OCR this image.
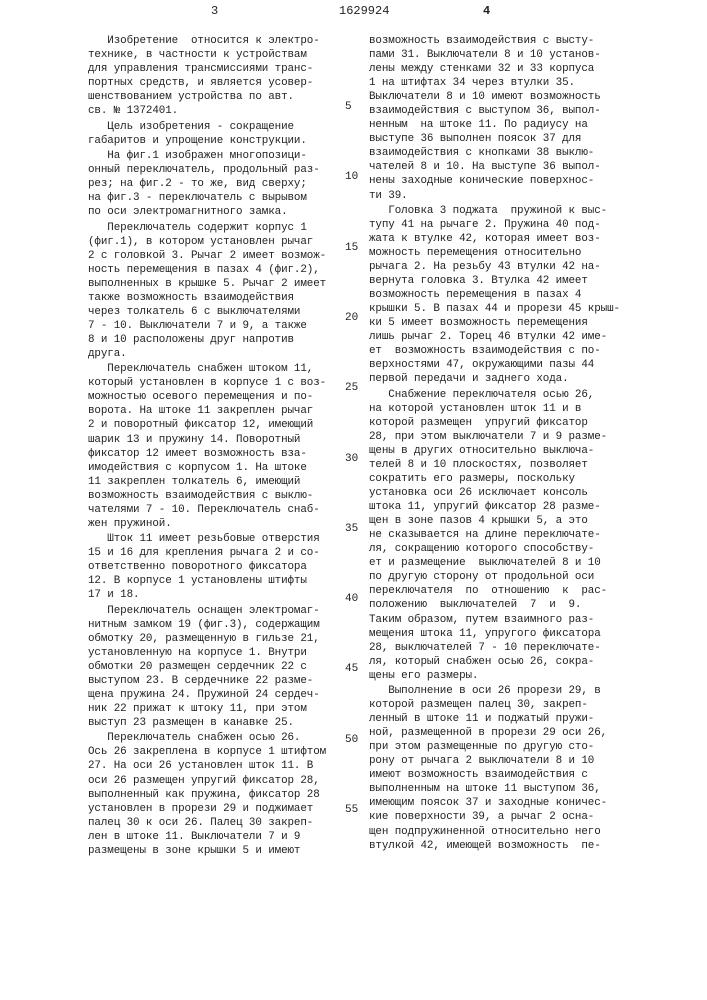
3	1629924	4
Изобретение  относится к электро-
техникe, в частности к устройствам
для управления трансмиссиями транс-
портных средств, и является усовер-
шенствованием устройства по авт.
св. № 1372401.
Цель изобретения - сокращение
габаритов и упрощение конструкции.
На фиг.1 изображен многопозици-
онный переключатель, продольный раз-
рез; на фиг.2 - то же, вид сверху;
на фиг.3 - переключатель с вырывом
по оси электромагнитного замка.
Переключатель содержит корпус 1
(фиг.1), в котором установлен рычаг
2 с головкой 3. Рычаг 2 имеет возмож-
ность перемещения в пазах 4 (фиг.2),
выполненных в крышке 5. Рычаг 2 имеет
также возможность взаимодействия
через толкатель 6 с выключателями
7 - 10. Выключатели 7 и 9, а также
8 и 10 расположены друг напротив
друга.
Переключатель снабжен штоком 11,
который установлен в корпусе 1 с воз-
можностью осевого перемещения и по-
ворота. На штоке 11 закреплен рычаг
2 и поворотный фиксатор 12, имеющий
шарик 13 и пружину 14. Поворотный
фиксатор 12 имеет возможность вза-
имодействия с корпусом 1. На штоке
11 закреплен толкатель 6, имеющий
возможность взаимодействия с выклю-
чателями 7 - 10. Переключатель снаб-
жен пружиной.
Шток 11 имеет резьбовые отверстия
15 и 16 для крепления рычага 2 и со-
ответственно поворотного фиксатора
12. В корпусе 1 установлены штифты
17 и 18.
Переключатель оснащен электромаг-
нитным замком 19 (фиг.3), содержащим
обмотку 20, размещенную в гильзе 21,
установленную на корпусе 1. Внутри
обмотки 20 размещен сердечник 22 с
выступом 23. В сердечнике 22 разме-
щена пружина 24. Пружиной 24 сердеч-
ник 22 прижат к штоку 11, при этом
выступ 23 размещен в канавке 25.
Переключатель снабжен осью 26.
Ось 26 закреплена в корпусе 1 штифтом
27. На оси 26 установлен шток 11. В
оси 26 размещен упругий фиксатор 28,
выполненный как пружина, фиксатор 28
установлен в прорези 29 и поджимает
палец 30 к оси 26. Палец 30 закреп-
лен в штоке 11. Выключатели 7 и 9
размещены в зоне крышки 5 и имеют
возможность взаимодействия с высту-
пами 31. Выключатели 8 и 10 установ-
лены между стенками 32 и 33 корпуса
1 на штифтах 34 через втулки 35.
Выключатели 8 и 10 имеют возможность
взаимодействия с выступом 36, выпол-
ненным  на штоке 11. По радиусу на
выступе 36 выполнен поясок 37 для
взаимодействия с кнопками 38 выклю-
чателей 8 и 10. На выступе 36 выпол-
нены заходные конические поверхнос-
ти 39.
Головка 3 поджата  пружиной к выс-
тупу 41 на рычаге 2. Пружина 40 под-
жата к втулке 42, которая имеет воз-
можность перемещения относительно
рычага 2. На резьбу 43 втулки 42 на-
вернута головка 3. Втулка 42 имеет
возможность перемещения в пазах 4
крышки 5. В пазах 44 и прорези 45 крыш-
ки 5 имеет возможность перемещения
лишь рычаг 2. Торец 46 втулки 42 име-
ет  возможность взаимодействия с по-
верхностями 47, окружающими пазы 44
первой передачи и заднего хода.
Снабжение переключателя осью 26,
на которой установлен шток 11 и в
которой размещен  упругий фиксатор
28, при этом выключатели 7 и 9 разме-
щены в других относительно выключа-
телей 8 и 10 плоскостях, позволяет
сократить его размеры, поскольку
установка оси 26 исключает консоль
штока 11, упругий фиксатор 28 разме-
щен в зоне пазов 4 крышки 5, а это
не сказывается на длине переключате-
ля, сокращению которого способству-
ет и размещение  выключателей 8 и 10
по другую сторону от продольной оси
переключателя  по  отношению  к  рас-
положению  выключателей  7  и  9.
Таким образом, путем взаимного раз-
мещения штока 11, упругого фиксатора
28, выключателей 7 - 10 переключате-
ля, который снабжен осью 26, сокра-
щены его размеры.
Выполнение в оси 26 прорези 29, в
которой размещен палец 30, закреп-
ленный в штоке 11 и поджатый пружи-
ной, размещенной в прорези 29 оси 26,
при этом размещенные по другую сто-
рону от рычага 2 выключатели 8 и 10
имеют возможность взаимодействия с
выполненным на штоке 11 выступом 36,
имеющим поясок 37 и заходные коничес-
кие поверхности 39, а рычаг 2 осна-
щен подпружиненной относительно него
втулкой 42, имеющей возможность  пе-
5
10
15
20
25
30
35
40
45
50
55
